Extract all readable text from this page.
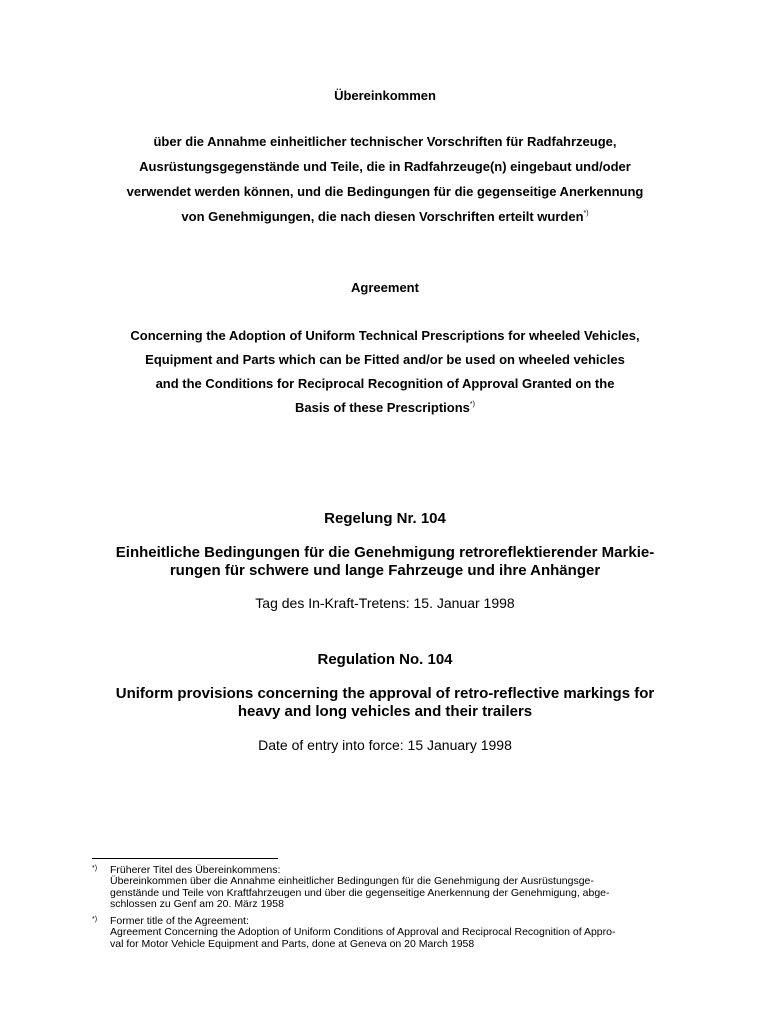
Übereinkommen
über die Annahme einheitlicher technischer Vorschriften für Radfahrzeuge,
Ausrüstungsgegenstände und Teile, die in Radfahrzeuge(n) eingebaut und/oder
verwendet werden können, und die Bedingungen für die gegenseitige Anerkennung
von Genehmigungen, die nach diesen Vorschriften erteilt wurden*)
Agreement
Concerning the Adoption of Uniform Technical Prescriptions for wheeled Vehicles,
Equipment and Parts which can be Fitted and/or be used on wheeled vehicles
and the Conditions for Reciprocal Recognition of Approval Granted on the
Basis of these Prescriptions*)
Regelung Nr. 104
Einheitliche Bedingungen für die Genehmigung retroreflektierender Markie-
rungen für schwere und lange Fahrzeuge und ihre Anhänger
Tag des In-Kraft-Tretens: 15. Januar 1998
Regulation No. 104
Uniform provisions concerning the approval of retro-reflective markings for
heavy and long vehicles and their trailers
Date of entry into force: 15 January 1998
*) Früherer Titel des Übereinkommens:
Übereinkommen über die Annahme einheitlicher Bedingungen für die Genehmigung der Ausrüstungsge-
genstände und Teile von Kraftfahrzeugen und über die gegenseitige Anerkennung der Genehmigung, abge-
schlossen zu Genf am 20. März 1958
*) Former title of the Agreement:
Agreement Concerning the Adoption of Uniform Conditions of Approval and Reciprocal Recognition of Appro-
val for Motor Vehicle Equipment and Parts, done at Geneva on 20 March 1958
